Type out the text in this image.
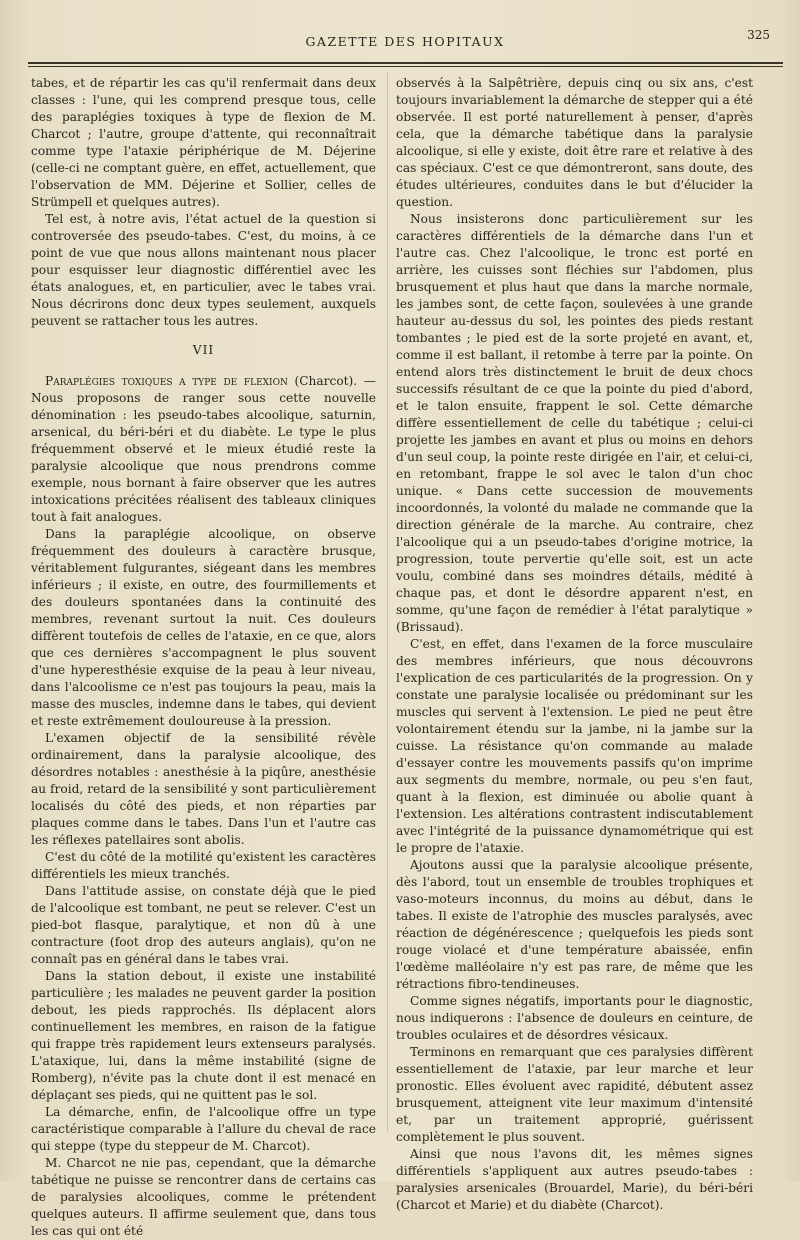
GAZETTE DES HOPITAUX	325

tabes, et de répartir les cas qu'il renfermait dans deux classes : l'une, qui les comprend presque tous, celle des paraplégies toxiques à type de flexion de M. Charcot ; l'autre, groupe d'attente, qui reconnaîtrait comme type l'ataxie périphérique de M. Déjerine (celle-ci ne comptant guère, en effet, actuellement, que l'observation de MM. Déjerine et Sollier, celles de Strümpell et quelques autres).

Tel est, à notre avis, l'état actuel de la question si controversée des pseudo-tabes. C'est, du moins, à ce point de vue que nous allons maintenant nous placer pour esquisser leur diagnostic différentiel avec les états analogues, et, en particulier, avec le tabes vrai. Nous décrirons donc deux types seulement, auxquels peuvent se rattacher tous les autres.

VII

Paraplégies toxiques a type de flexion (Charcot). — Nous proposons de ranger sous cette nouvelle dénomination : les pseudo-tabes alcoolique, saturnin, arsenical, du béri-béri et du diabète. Le type le plus fréquemment observé et le mieux étudié reste la paralysie alcoolique que nous prendrons comme exemple, nous bornant à faire observer que les autres intoxications précitées réalisent des tableaux cliniques tout à fait analogues.

Dans la paraplégie alcoolique, on observe fréquemment des douleurs à caractère brusque, véritablement fulgurantes, siégeant dans les membres inférieurs ; il existe, en outre, des fourmillements et des douleurs spontanées dans la continuité des membres, revenant surtout la nuit. Ces douleurs diffèrent toutefois de celles de l'ataxie, en ce que, alors que ces dernières s'accompagnent le plus souvent d'une hyperesthésie exquise de la peau à leur niveau, dans l'alcoolisme ce n'est pas toujours la peau, mais la masse des muscles, indemne dans le tabes, qui devient et reste extrêmement douloureuse à la pression.

L'examen objectif de la sensibilité révèle ordinairement, dans la paralysie alcoolique, des désordres notables : anesthésie à la piqûre, anesthésie au froid, retard de la sensibilité y sont particulièrement localisés du côté des pieds, et non réparties par plaques comme dans le tabes. Dans l'un et l'autre cas les réflexes patellaires sont abolis.

C'est du côté de la motilité qu'existent les caractères différentiels les mieux tranchés.

Dans l'attitude assise, on constate déjà que le pied de l'alcoolique est tombant, ne peut se relever. C'est un pied-bot flasque, paralytique, et non dû à une contracture (foot drop des auteurs anglais), qu'on ne connaît pas en général dans le tabes vrai.

Dans la station debout, il existe une instabilité particulière ; les malades ne peuvent garder la position debout, les pieds rapprochés. Ils déplacent alors continuellement les membres, en raison de la fatigue qui frappe très rapidement leurs extenseurs paralysés. L'ataxique, lui, dans la même instabilité (signe de Romberg), n'évite pas la chute dont il est menacé en déplaçant ses pieds, qui ne quittent pas le sol.

La démarche, enfin, de l'alcoolique offre un type caractéristique comparable à l'allure du cheval de race qui steppe (type du steppeur de M. Charcot).

M. Charcot ne nie pas, cependant, que la démarche tabétique ne puisse se rencontrer dans de certains cas de paralysies alcooliques, comme le prétendent quelques auteurs. Il affirme seulement que, dans tous les cas qui ont été

observés à la Salpêtrière, depuis cinq ou six ans, c'est toujours invariablement la démarche de stepper qui a été observée. Il est porté naturellement à penser, d'après cela, que la démarche tabétique dans la paralysie alcoolique, si elle y existe, doit être rare et relative à des cas spéciaux. C'est ce que démontreront, sans doute, des études ultérieures, conduites dans le but d'élucider la question.

Nous insisterons donc particulièrement sur les caractères différentiels de la démarche dans l'un et l'autre cas. Chez l'alcoolique, le tronc est porté en arrière, les cuisses sont fléchies sur l'abdomen, plus brusquement et plus haut que dans la marche normale, les jambes sont, de cette façon, soulevées à une grande hauteur au-dessus du sol, les pointes des pieds restant tombantes ; le pied est de la sorte projeté en avant, et, comme il est ballant, il retombe à terre par la pointe. On entend alors très distinctement le bruit de deux chocs successifs résultant de ce que la pointe du pied d'abord, et le talon ensuite, frappent le sol. Cette démarche diffère essentiellement de celle du tabétique ; celui-ci projette les jambes en avant et plus ou moins en dehors d'un seul coup, la pointe reste dirigée en l'air, et celui-ci, en retombant, frappe le sol avec le talon d'un choc unique. « Dans cette succession de mouvements incoordonnés, la volonté du malade ne commande que la direction générale de la marche. Au contraire, chez l'alcoolique qui a un pseudo-tabes d'origine motrice, la progression, toute pervertie qu'elle soit, est un acte voulu, combiné dans ses moindres détails, médité à chaque pas, et dont le désordre apparent n'est, en somme, qu'une façon de remédier à l'état paralytique » (Brissaud).

C'est, en effet, dans l'examen de la force musculaire des membres inférieurs, que nous découvrons l'explication de ces particularités de la progression. On y constate une paralysie localisée ou prédominant sur les muscles qui servent à l'extension. Le pied ne peut être volontairement étendu sur la jambe, ni la jambe sur la cuisse. La résistance qu'on commande au malade d'essayer contre les mouvements passifs qu'on imprime aux segments du membre, normale, ou peu s'en faut, quant à la flexion, est diminuée ou abolie quant à l'extension. Les altérations contrastent indiscutablement avec l'intégrité de la puissance dynamométrique qui est le propre de l'ataxie.

Ajoutons aussi que la paralysie alcoolique présente, dès l'abord, tout un ensemble de troubles trophiques et vaso-moteurs inconnus, du moins au début, dans le tabes. Il existe de l'atrophie des muscles paralysés, avec réaction de dégénérescence ; quelquefois les pieds sont rouge violacé et d'une température abaissée, enfin l'œdème malléolaire n'y est pas rare, de même que les rétractions fibro-tendineuses.

Comme signes négatifs, importants pour le diagnostic, nous indiquerons : l'absence de douleurs en ceinture, de troubles oculaires et de désordres vésicaux.

Terminons en remarquant que ces paralysies diffèrent essentiellement de l'ataxie, par leur marche et leur pronostic. Elles évoluent avec rapidité, débutent assez brusquement, atteignent vite leur maximum d'intensité et, par un traitement approprié, guérissent complètement le plus souvent.

Ainsi que nous l'avons dit, les mêmes signes différentiels s'appliquent aux autres pseudo-tabes : paralysies arsenicales (Brouardel, Marie), du béri-béri (Charcot et Marie) et du diabète (Charcot).
